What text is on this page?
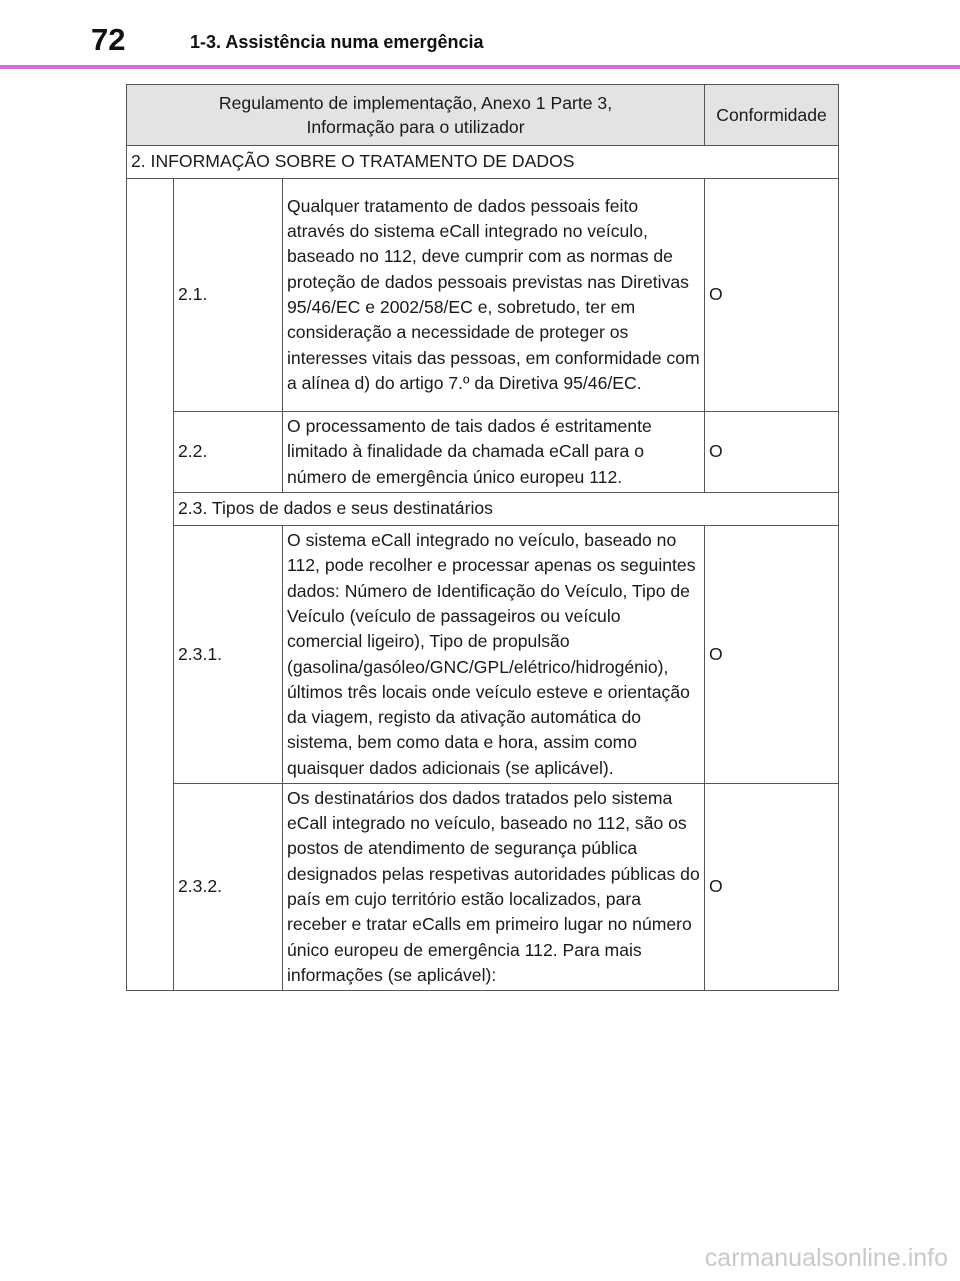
72	1-3. Assistência numa emergência
Regulamento de implementação, Anexo 1 Parte 3,
Informação para o utilizador			Conformidade
2. INFORMAÇÃO SOBRE O TRATAMENTO DE DADOS			
	2.1.	Qualquer tratamento de dados pessoais feito através do sistema eCall integrado no veículo, baseado no 112, deve cumprir com as normas de proteção de dados pessoais previstas nas Diretivas 95/46/EC e 2002/58/EC e, sobretudo, ter em consideração a necessidade de proteger os interesses vitais das pessoas, em conformidade com a alínea d) do artigo 7.º da Diretiva 95/46/EC.	O
	2.2.	O processamento de tais dados é estritamente limitado à finalidade da chamada eCall para o número de emergência único europeu 112.	O
	2.3. Tipos de dados e seus destinatários		
	2.3.1.	O sistema eCall integrado no veículo, baseado no 112, pode recolher e processar apenas os seguintes dados: Número de Identificação do Veículo, Tipo de Veículo (veículo de passageiros ou veículo comercial ligeiro), Tipo de propulsão (gasolina/gasóleo/GNC/GPL/elétrico/hidrogénio), últimos três locais onde veículo esteve e orientação da viagem, registo da ativação automática do sistema, bem como data e hora, assim como quaisquer dados adicionais (se aplicável).	O
	2.3.2.	Os destinatários dos dados tratados pelo sistema eCall integrado no veículo, baseado no 112, são os postos de atendimento de segurança pública designados pelas respetivas autoridades públicas do país em cujo território estão localizados, para receber e tratar eCalls em primeiro lugar no número único europeu de emergência 112. Para mais informações (se aplicável):	O
carmanualsonline.info
